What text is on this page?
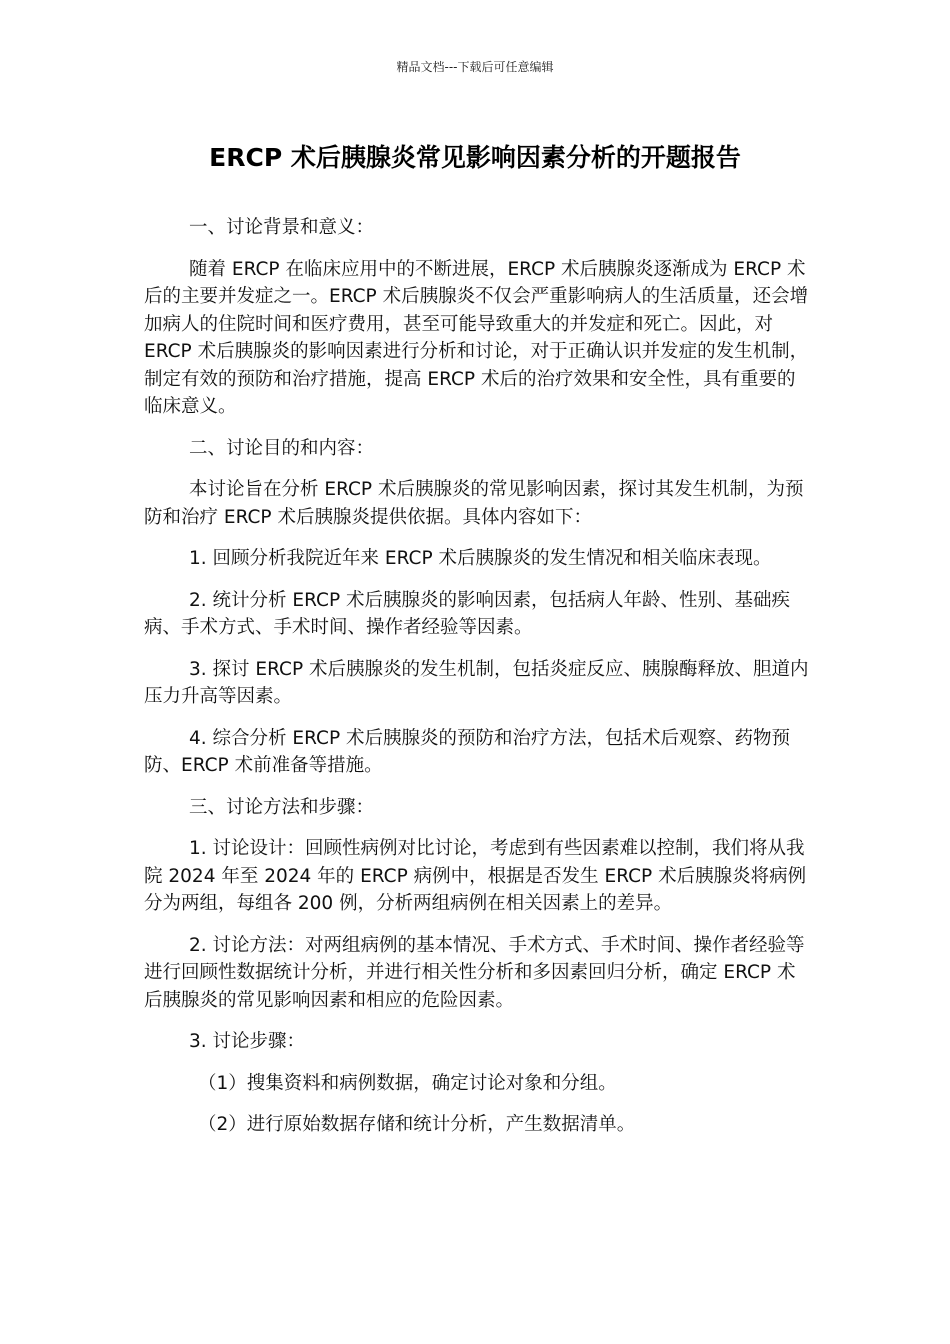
精品文档---下载后可任意编辑
ERCP 术后胰腺炎常见影响因素分析的开题报告

一、讨论背景和意义：

随着 ERCP 在临床应用中的不断进展，ERCP 术后胰腺炎逐渐成为 ERCP 术后的主要并发症之一。ERCP 术后胰腺炎不仅会严重影响病人的生活质量，还会增加病人的住院时间和医疗费用，甚至可能导致重大的并发症和死亡。因此，对 ERCP 术后胰腺炎的影响因素进行分析和讨论，对于正确认识并发症的发生机制，制定有效的预防和治疗措施，提高 ERCP 术后的治疗效果和安全性，具有重要的临床意义。

二、讨论目的和内容：

本讨论旨在分析 ERCP 术后胰腺炎的常见影响因素，探讨其发生机制，为预防和治疗 ERCP 术后胰腺炎提供依据。具体内容如下：

1. 回顾分析我院近年来 ERCP 术后胰腺炎的发生情况和相关临床表现。

2. 统计分析 ERCP 术后胰腺炎的影响因素，包括病人年龄、性别、基础疾病、手术方式、手术时间、操作者经验等因素。

3. 探讨 ERCP 术后胰腺炎的发生机制，包括炎症反应、胰腺酶释放、胆道内压力升高等因素。

4. 综合分析 ERCP 术后胰腺炎的预防和治疗方法，包括术后观察、药物预防、ERCP 术前准备等措施。

三、讨论方法和步骤：

1. 讨论设计：回顾性病例对比讨论，考虑到有些因素难以控制，我们将从我院 2024 年至 2024 年的 ERCP 病例中，根据是否发生 ERCP 术后胰腺炎将病例分为两组，每组各 200 例，分析两组病例在相关因素上的差异。

2. 讨论方法：对两组病例的基本情况、手术方式、手术时间、操作者经验等进行回顾性数据统计分析，并进行相关性分析和多因素回归分析，确定 ERCP 术后胰腺炎的常见影响因素和相应的危险因素。

3. 讨论步骤：

（1）搜集资料和病例数据，确定讨论对象和分组。

（2）进行原始数据存储和统计分析，产生数据清单。
